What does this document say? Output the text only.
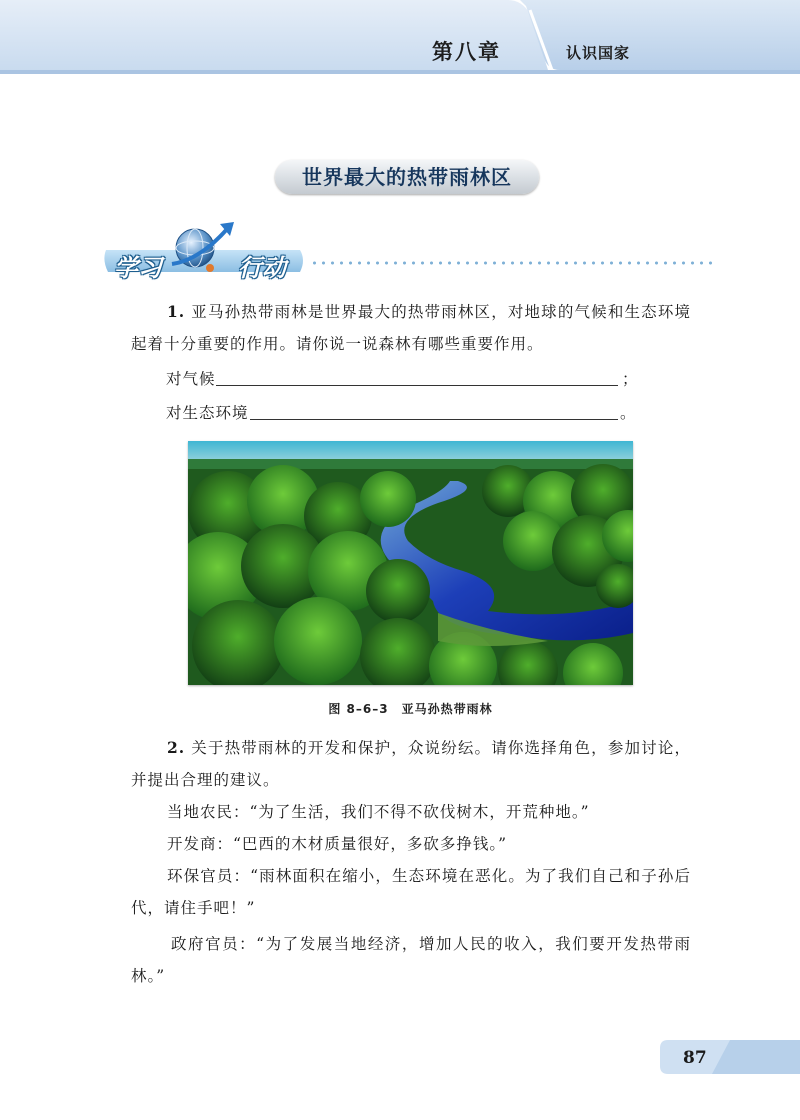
第八章	认识国家
世界最大的热带雨林区
学习	行动
1. 亚马孙热带雨林是世界最大的热带雨林区，对地球的气候和生态环境起着十分重要的作用。请你说一说森林有哪些重要作用。
对气候	；
对生态环境	。
图 8–6–3　亚马孙热带雨林
2. 关于热带雨林的开发和保护，众说纷纭。请你选择角色，参加讨论，并提出合理的建议。
当地农民：“为了生活，我们不得不砍伐树木，开荒种地。”
开发商：“巴西的木材质量很好，多砍多挣钱。”
环保官员：“雨林面积在缩小，生态环境在恶化。为了我们自己和子孙后代，请住手吧！”
政府官员：“为了发展当地经济，增加人民的收入，我们要开发热带雨林。”
87
